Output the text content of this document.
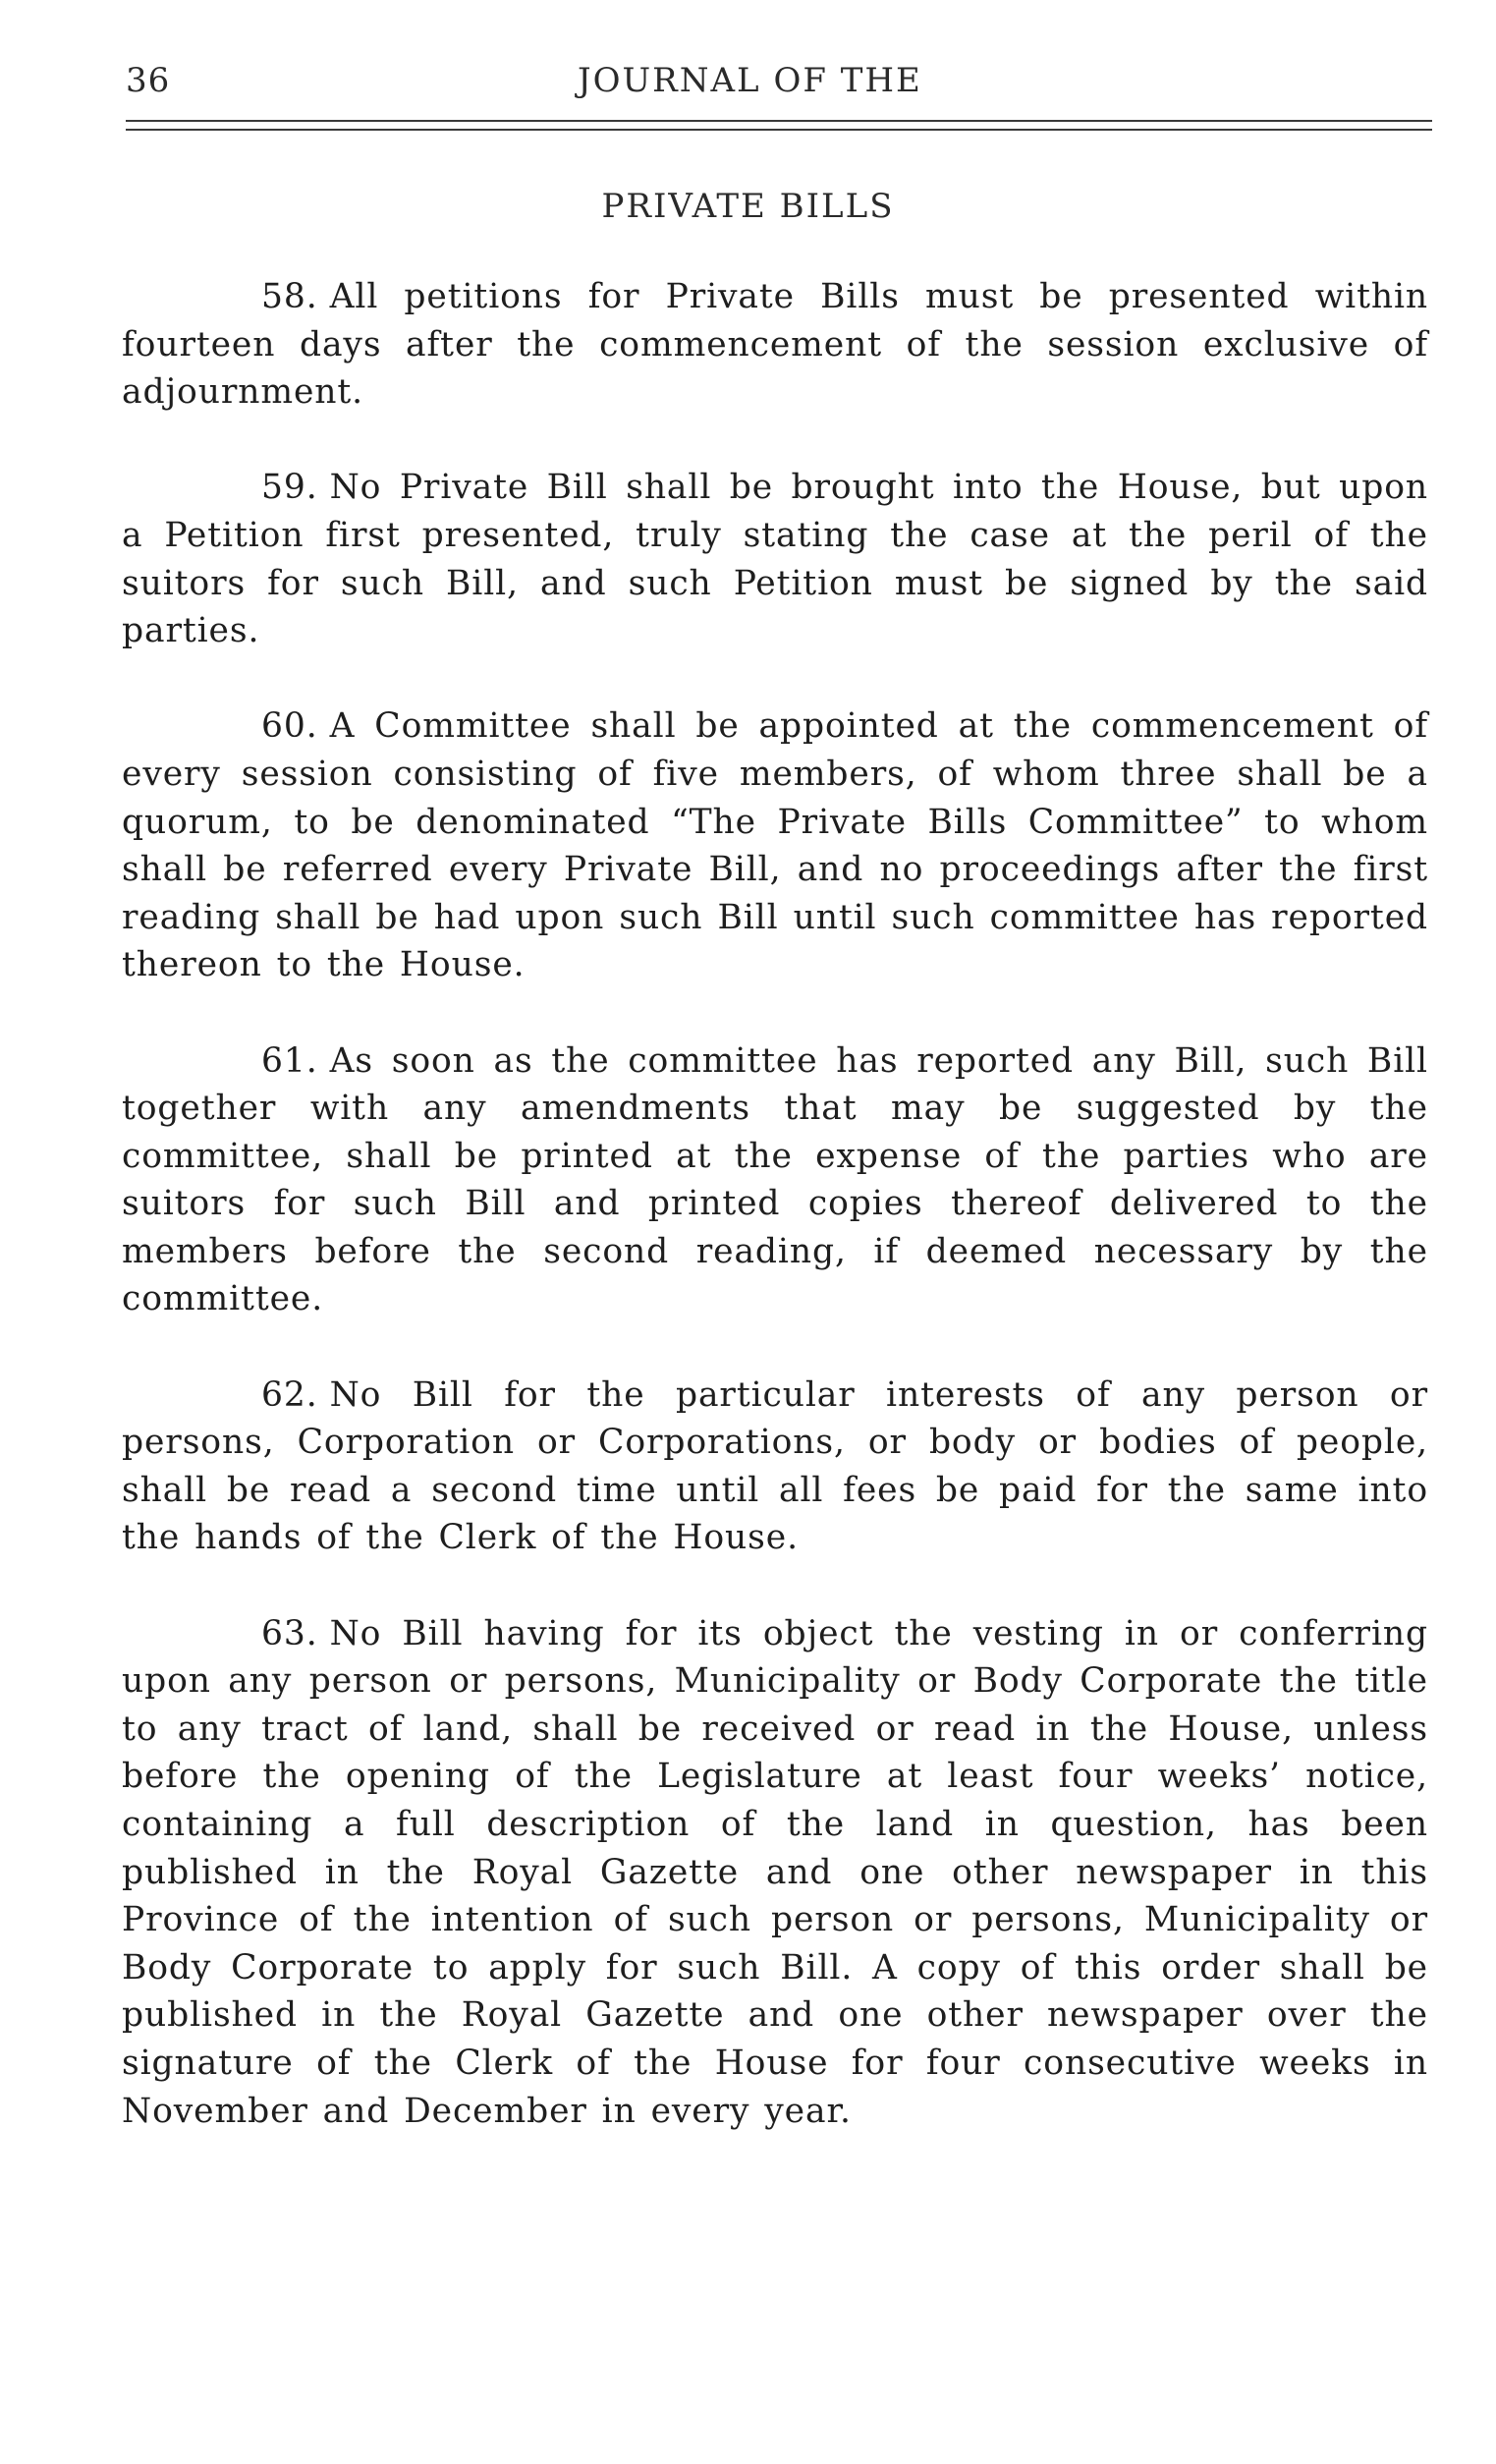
36	JOURNAL OF THE
PRIVATE BILLS

58. All petitions for Private Bills must be presented within fourteen days after the commencement of the session exclusive of adjournment.

59. No Private Bill shall be brought into the House, but upon a Petition first presented, truly stating the case at the peril of the suitors for such Bill, and such Petition must be signed by the said parties.

60. A Committee shall be appointed at the commencement of every session consisting of five members, of whom three shall be a quorum, to be denominated “The Private Bills Committee” to whom shall be referred every Private Bill, and no proceedings after the first reading shall be had upon such Bill until such committee has reported thereon to the House.

61. As soon as the committee has reported any Bill, such Bill together with any amendments that may be suggested by the committee, shall be printed at the expense of the parties who are suitors for such Bill and printed copies thereof delivered to the members before the second reading, if deemed necessary by the committee.

62. No Bill for the particular interests of any person or persons, Corporation or Corporations, or body or bodies of people, shall be read a second time until all fees be paid for the same into the hands of the Clerk of the House.

63. No Bill having for its object the vesting in or conferring upon any person or persons, Municipality or Body Corporate the title to any tract of land, shall be received or read in the House, unless before the opening of the Legislature at least four weeks’ notice, containing a full description of the land in question, has been published in the Royal Gazette and one other newspaper in this Province of the intention of such person or persons, Municipality or Body Corporate to apply for such Bill. A copy of this order shall be published in the Royal Gazette and one other newspaper over the signature of the Clerk of the House for four consecutive weeks in November and December in every year.
